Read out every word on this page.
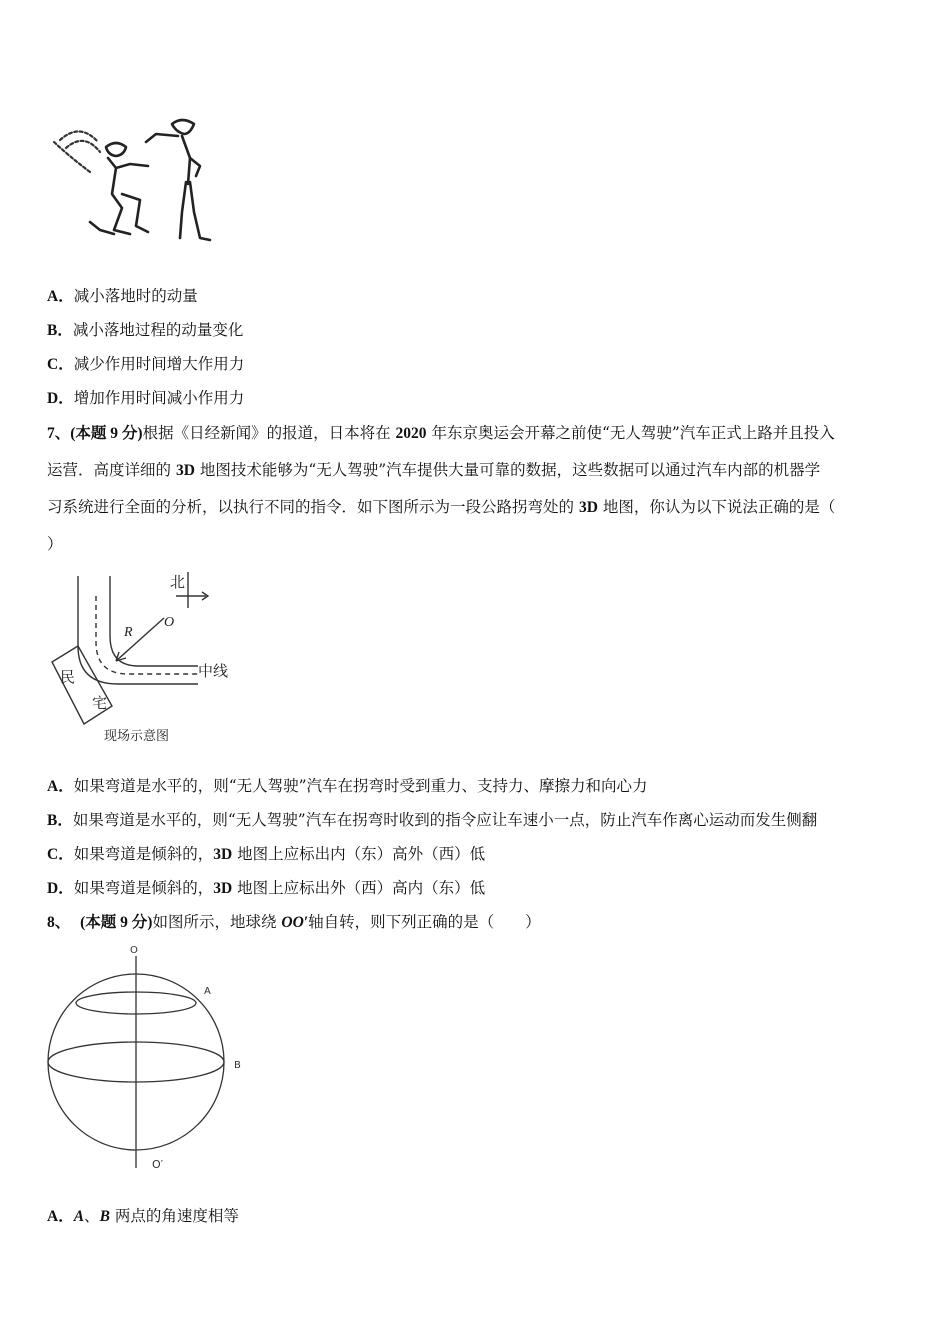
A．减小落地时的动量
B．减小落地过程的动量变化
C．减少作用时间增大作用力
D．增加作用时间减小作用力
7、(本题 9 分)根据《日经新闻》的报道，日本将在 2020 年东京奥运会开幕之前使“无人驾驶”汽车正式上路并且投入
运营．高度详细的 3D 地图技术能够为“无人驾驶”汽车提供大量可靠的数据，这些数据可以通过汽车内部的机器学
习系统进行全面的分析，以执行不同的指令．如下图所示为一段公路拐弯处的 3D 地图，你认为以下说法正确的是（
）
北
R
O
中线
民
宅
现场示意图
A．如果弯道是水平的，则“无人驾驶”汽车在拐弯时受到重力、支持力、摩擦力和向心力
B．如果弯道是水平的，则“无人驾驶”汽车在拐弯时收到的指令应让车速小一点，防止汽车作离心运动而发生侧翻
C．如果弯道是倾斜的，3D 地图上应标出内（东）高外（西）低
D．如果弯道是倾斜的，3D 地图上应标出外（西）高内（东）低
8、 (本题 9 分)如图所示，地球绕 OO′轴自转，则下列正确的是（　　）
O
O′
A
B
A．A、B 两点的角速度相等
